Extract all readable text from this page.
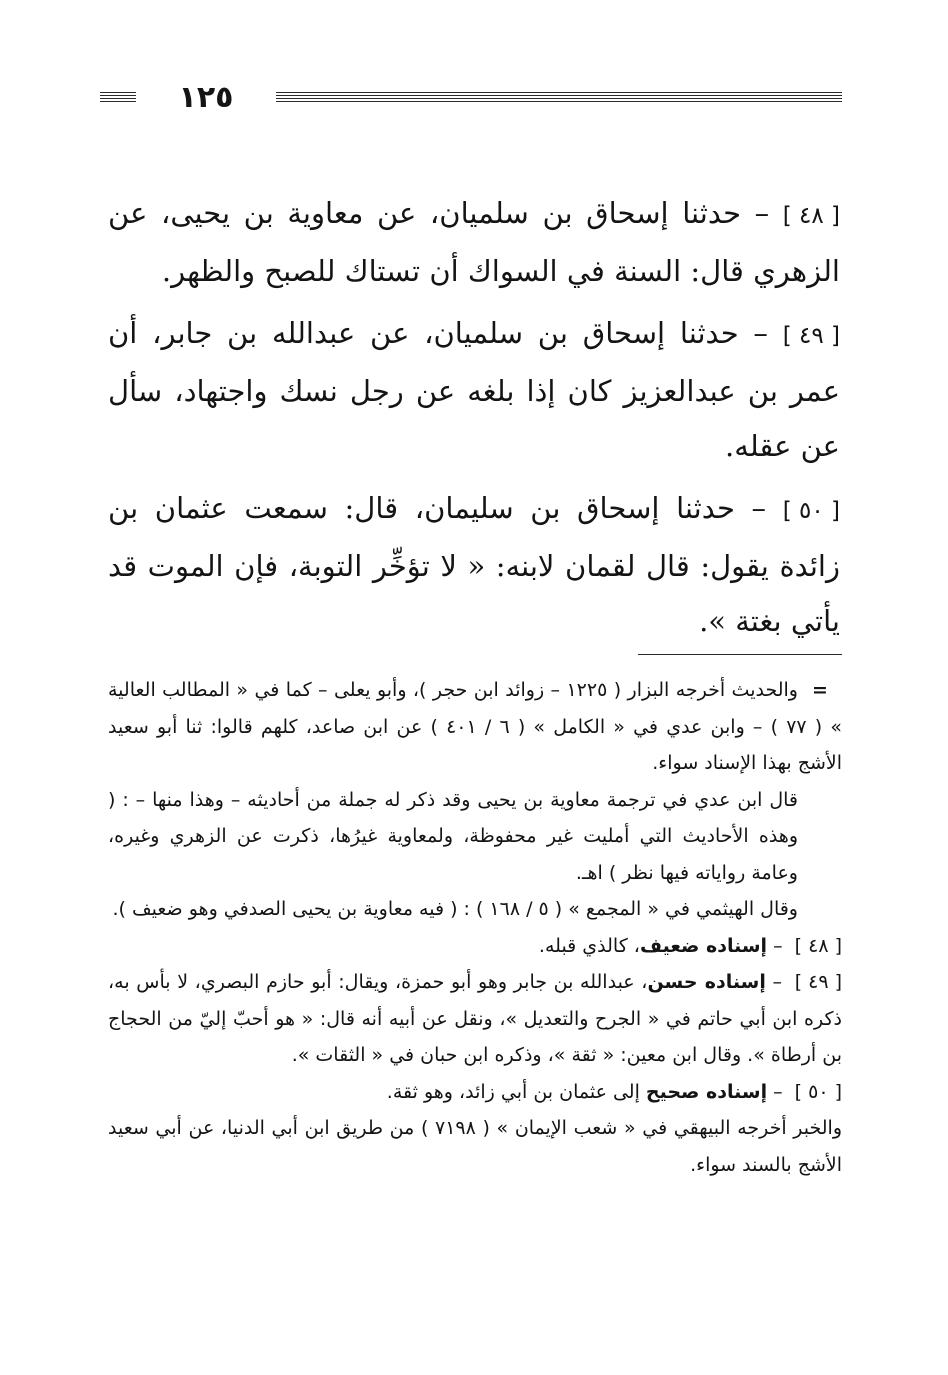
١٢٥

[ ٤٨ ] – حدثنا إسحاق بن سلميان، عن معاوية بن يحيى، عن الزهري قال: السنة في السواك أن تستاك للصبح والظهر.

[ ٤٩ ] – حدثنا إسحاق بن سلميان، عن عبدالله بن جابر، أن عمر بن عبدالعزيز كان إذا بلغه عن رجل نسك واجتهاد، سأل عن عقله.

[ ٥٠ ] – حدثنا إسحاق بن سليمان، قال: سمعت عثمان بن زائدة يقول: قال لقمان لابنه: « لا تؤخِّر التوبة، فإن الموت قد يأتي بغتة ».

=والحديث أخرجه البزار ( ١٢٢٥ – زوائد ابن حجر )، وأبو يعلى – كما في « المطالب العالية » ( ٧٧ ) – وابن عدي في « الكامل » ( ٦ / ٤٠١ ) عن ابن صاعد، كلهم قالوا: ثنا أبو سعيد الأشج بهذا الإسناد سواء.

قال ابن عدي في ترجمة معاوية بن يحيى وقد ذكر له جملة من أحاديثه – وهذا منها – : ( وهذه الأحاديث التي أمليت غير محفوظة، ولمعاوية غيرُها، ذكرت عن الزهري وغيره، وعامة رواياته فيها نظر ) اهـ.

وقال الهيثمي في « المجمع » ( ٥ / ١٦٨ ) : ( فيه معاوية بن يحيى الصدفي وهو ضعيف ).

[ ٤٨ ] – إسناده ضعيف، كالذي قبله.

[ ٤٩ ] – إسناده حسن، عبدالله بن جابر وهو أبو حمزة، ويقال: أبو حازم البصري، لا بأس به، ذكره ابن أبي حاتم في « الجرح والتعديل »، ونقل عن أبيه أنه قال: « هو أحبّ إليّ من الحجاج بن أرطاة ». وقال ابن معين: « ثقة »، وذكره ابن حبان في « الثقات ».

[ ٥٠ ] – إسناده صحيح إلى عثمان بن أبي زائد، وهو ثقة.

والخبر أخرجه البيهقي في « شعب الإيمان » ( ٧١٩٨ ) من طريق ابن أبي الدنيا، عن أبي سعيد الأشج بالسند سواء.
